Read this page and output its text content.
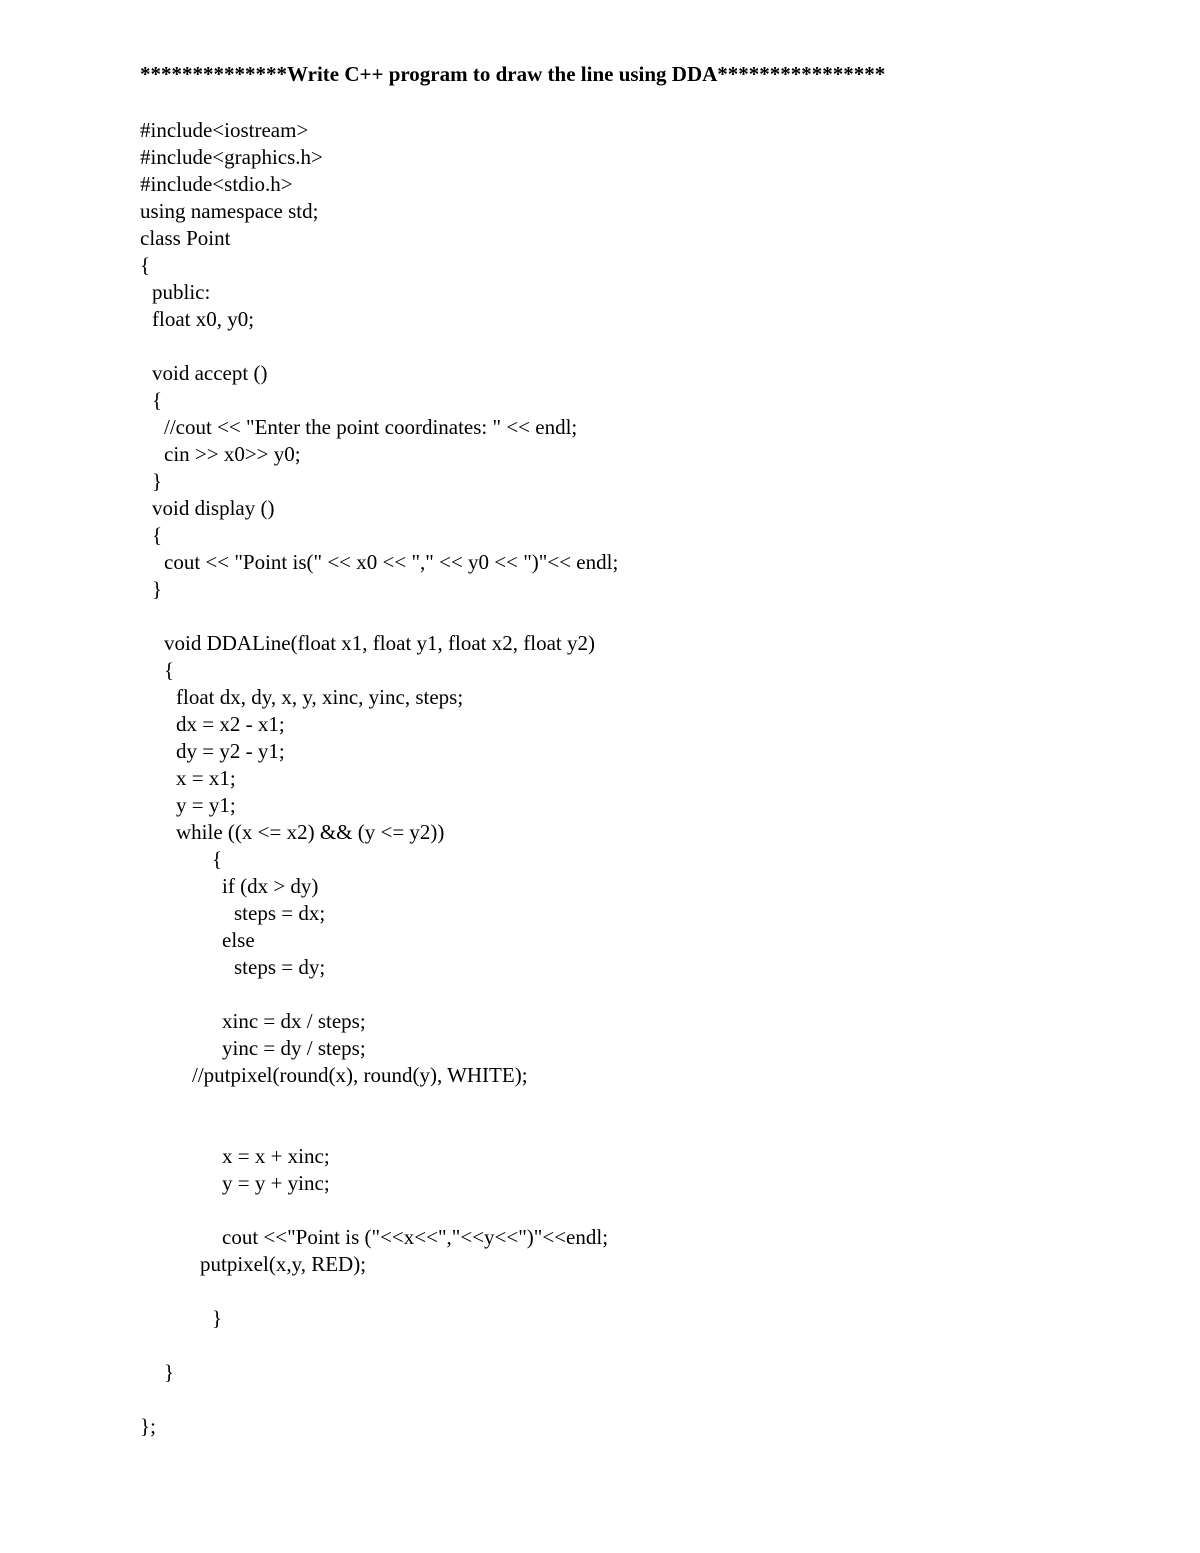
**************Write C++ program to draw the line using DDA****************

#include<iostream>

#include<graphics.h>

#include<stdio.h>

using namespace std;

class Point

{

public:

float x0, y0;

void accept ()

{

//cout << "Enter the point coordinates: " << endl;

cin >> x0>> y0;

}

void display ()

{

cout << "Point is(" << x0 << "," << y0 << ")"<< endl;

}

void DDALine(float x1, float y1, float x2, float y2)

{

float dx, dy, x, y, xinc, yinc, steps;

dx = x2 - x1;

dy = y2 - y1;

x = x1;

y = y1;

while ((x <= x2) && (y <= y2))

{

if (dx > dy)

steps = dx;

else

steps = dy;

xinc = dx / steps;

yinc = dy / steps;

//putpixel(round(x), round(y), WHITE);

x = x + xinc;

y = y + yinc;

cout <<"Point is ("<<x<<","<<y<<")"<<endl;

putpixel(x,y, RED);

}

}

};
